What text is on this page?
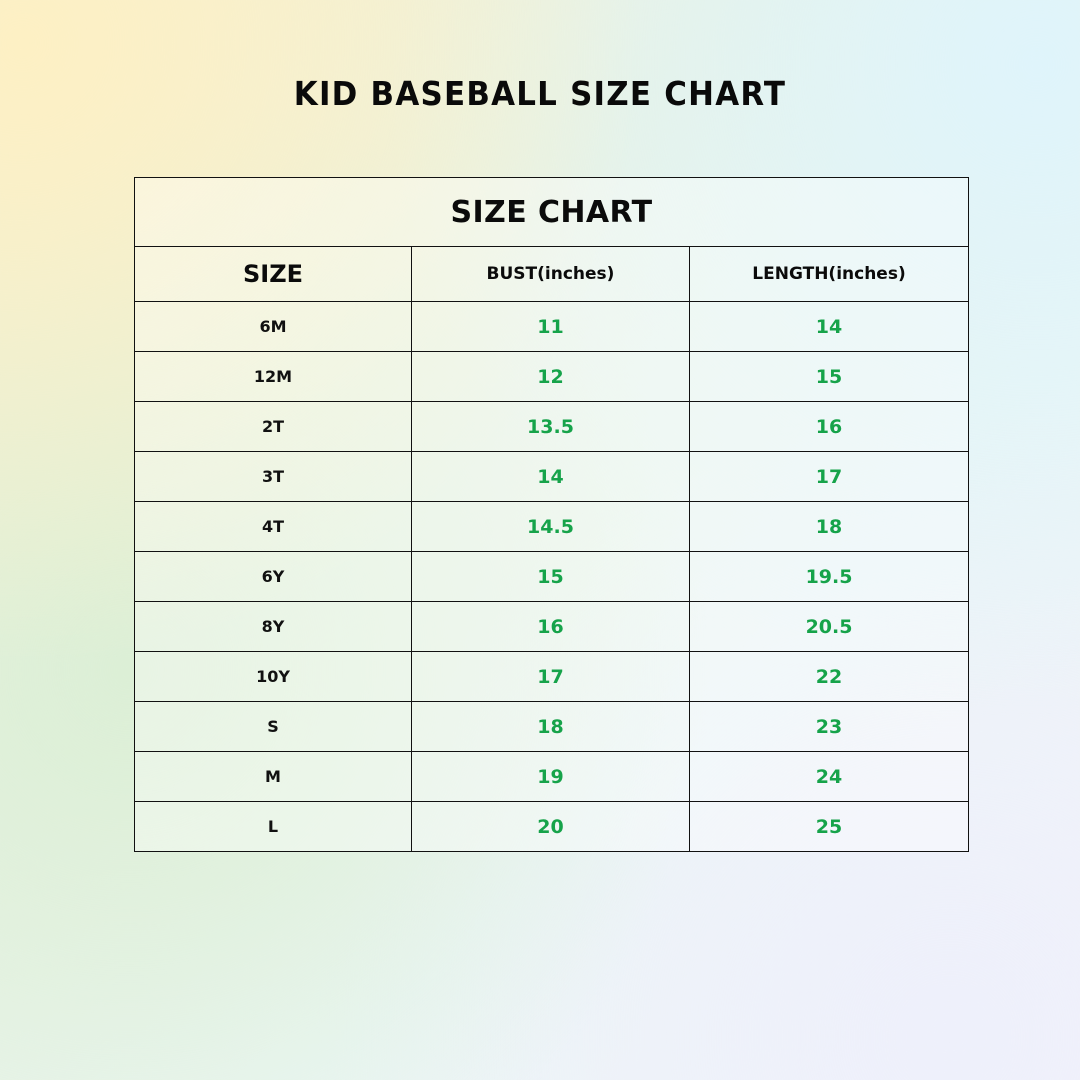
KID BASEBALL SIZE CHART
SIZE CHART		
SIZE	BUST(inches)	LENGTH(inches)
6M	11	14
12M	12	15
2T	13.5	16
3T	14	17
4T	14.5	18
6Y	15	19.5
8Y	16	20.5
10Y	17	22
S	18	23
M	19	24
L	20	25
